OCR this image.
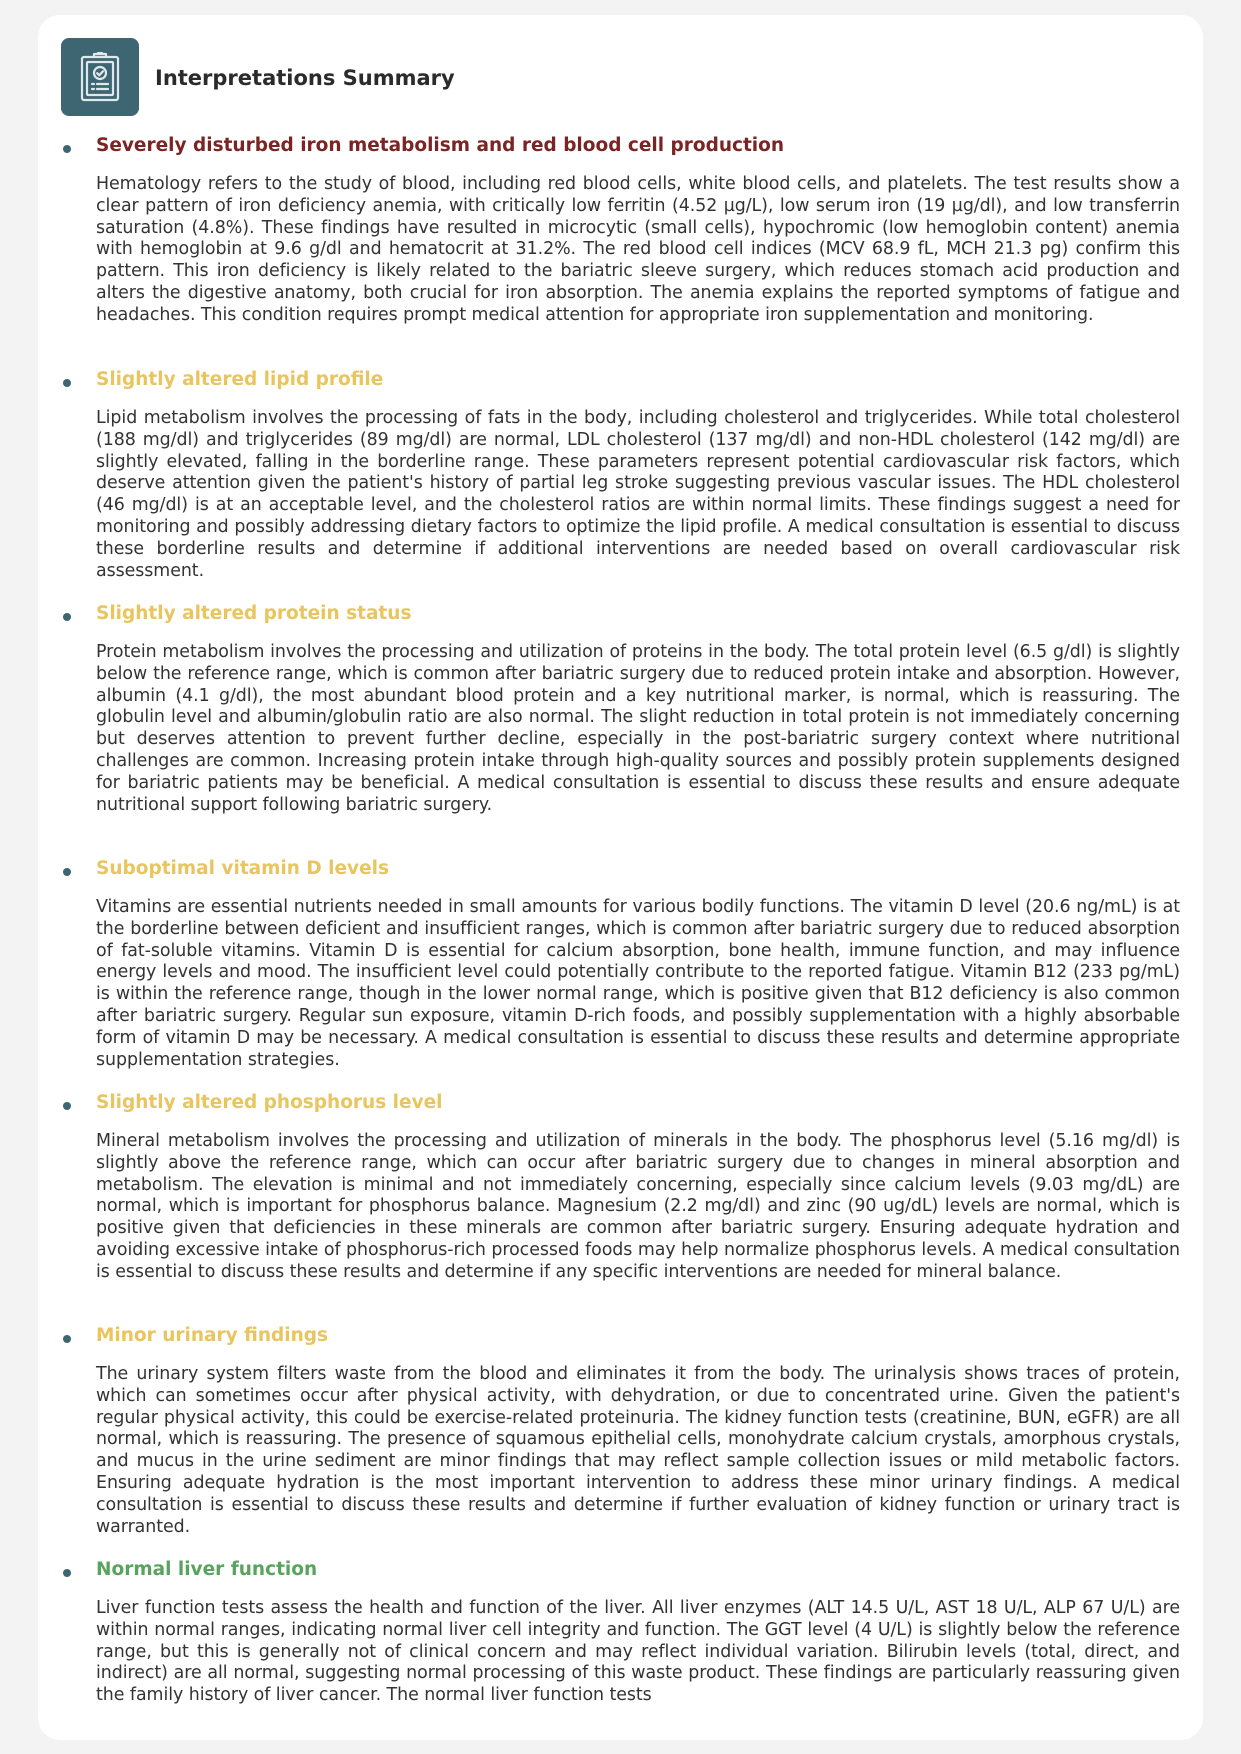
Interpretations Summary
Severely disturbed iron metabolism and red blood cell production
Hematology refers to the study of blood, including red blood cells, white blood cells, and platelets. The test results show a clear pattern of iron deficiency anemia, with critically low ferritin (4.52 µg/L), low serum iron (19 µg/dl), and low transferrin saturation (4.8%). These findings have resulted in microcytic (small cells), hypochromic (low hemoglobin content) anemia with hemoglobin at 9.6 g/dl and hematocrit at 31.2%. The red blood cell indices (MCV 68.9 fL, MCH 21.3 pg) confirm this pattern. This iron deficiency is likely related to the bariatric sleeve surgery, which reduces stomach acid production and alters the digestive anatomy, both crucial for iron absorption. The anemia explains the reported symptoms of fatigue and headaches. This condition requires prompt medical attention for appropriate iron supplementation and monitoring.
Slightly altered lipid profile
Lipid metabolism involves the processing of fats in the body, including cholesterol and triglycerides. While total cholesterol (188 mg/dl) and triglycerides (89 mg/dl) are normal, LDL cholesterol (137 mg/dl) and non-HDL cholesterol (142 mg/dl) are slightly elevated, falling in the borderline range. These parameters represent potential cardiovascular risk factors, which deserve attention given the patient's history of partial leg stroke suggesting previous vascular issues. The HDL cholesterol (46 mg/dl) is at an acceptable level, and the cholesterol ratios are within normal limits. These findings suggest a need for monitoring and possibly addressing dietary factors to optimize the lipid profile. A medical consultation is essential to discuss these borderline results and determine if additional interventions are needed based on overall cardiovascular risk assessment.
Slightly altered protein status
Protein metabolism involves the processing and utilization of proteins in the body. The total protein level (6.5 g/dl) is slightly below the reference range, which is common after bariatric surgery due to reduced protein intake and absorption. However, albumin (4.1 g/dl), the most abundant blood protein and a key nutritional marker, is normal, which is reassuring. The globulin level and albumin/globulin ratio are also normal. The slight reduction in total protein is not immediately concerning but deserves attention to prevent further decline, especially in the post-bariatric surgery context where nutritional challenges are common. Increasing protein intake through high-quality sources and possibly protein supplements designed for bariatric patients may be beneficial. A medical consultation is essential to discuss these results and ensure adequate nutritional support following bariatric surgery.
Suboptimal vitamin D levels
Vitamins are essential nutrients needed in small amounts for various bodily functions. The vitamin D level (20.6 ng/mL) is at the borderline between deficient and insufficient ranges, which is common after bariatric surgery due to reduced absorption of fat-soluble vitamins. Vitamin D is essential for calcium absorption, bone health, immune function, and may influence energy levels and mood. The insufficient level could potentially contribute to the reported fatigue. Vitamin B12 (233 pg/mL) is within the reference range, though in the lower normal range, which is positive given that B12 deficiency is also common after bariatric surgery. Regular sun exposure, vitamin D-rich foods, and possibly supplementation with a highly absorbable form of vitamin D may be necessary. A medical consultation is essential to discuss these results and determine appropriate supplementation strategies.
Slightly altered phosphorus level
Mineral metabolism involves the processing and utilization of minerals in the body. The phosphorus level (5.16 mg/dl) is slightly above the reference range, which can occur after bariatric surgery due to changes in mineral absorption and metabolism. The elevation is minimal and not immediately concerning, especially since calcium levels (9.03 mg/dL) are normal, which is important for phosphorus balance. Magnesium (2.2 mg/dl) and zinc (90 ug/dL) levels are normal, which is positive given that deficiencies in these minerals are common after bariatric surgery. Ensuring adequate hydration and avoiding excessive intake of phosphorus-rich processed foods may help normalize phosphorus levels. A medical consultation is essential to discuss these results and determine if any specific interventions are needed for mineral balance.
Minor urinary findings
The urinary system filters waste from the blood and eliminates it from the body. The urinalysis shows traces of protein, which can sometimes occur after physical activity, with dehydration, or due to concentrated urine. Given the patient's regular physical activity, this could be exercise-related proteinuria. The kidney function tests (creatinine, BUN, eGFR) are all normal, which is reassuring. The presence of squamous epithelial cells, monohydrate calcium crystals, amorphous crystals, and mucus in the urine sediment are minor findings that may reflect sample collection issues or mild metabolic factors. Ensuring adequate hydration is the most important intervention to address these minor urinary findings. A medical consultation is essential to discuss these results and determine if further evaluation of kidney function or urinary tract is warranted.
Normal liver function
Liver function tests assess the health and function of the liver. All liver enzymes (ALT 14.5 U/L, AST 18 U/L, ALP 67 U/L) are within normal ranges, indicating normal liver cell integrity and function. The GGT level (4 U/L) is slightly below the reference range, but this is generally not of clinical concern and may reflect individual variation. Bilirubin levels (total, direct, and indirect) are all normal, suggesting normal processing of this waste product. These findings are particularly reassuring given the family history of liver cancer. The normal liver function tests
